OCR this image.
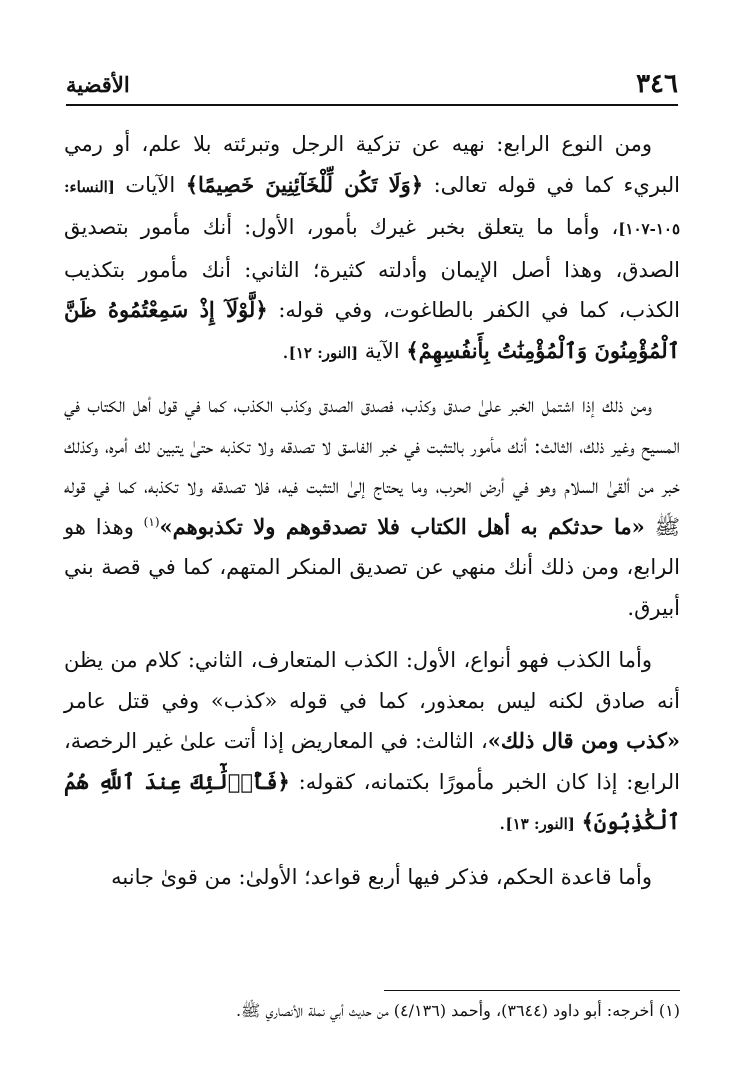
٣٤٦
الأقضية

ومن النوع الرابع: نهيه عن تزكية الرجل وتبرئته بلا علم، أو رمي البريء كما في قوله تعالى: ﴿وَلَا تَكُن لِّلْخَآئِنِينَ خَصِيمًا﴾ الآيات [النساء: ١٠٥-١٠٧]، وأما ما يتعلق بخبر غيرك بأمور، الأول: أنك مأمور بتصديق الصدق، وهذا أصل الإيمان وأدلته كثيرة؛ الثاني: أنك مأمور بتكذيب الكذب، كما في الكفر بالطاغوت، وفي قوله: ﴿لَّوْلَآ إِذْ سَمِعْتُمُوهُ ظَنَّ ٱلْمُؤْمِنُونَ وَٱلْمُؤْمِنَٰتُ بِأَنفُسِهِمْ﴾ الآية [النور: ١٢].

ومن ذلك إذا اشتمل الخبر علىٰ صدق وكذب، فصدق الصدق وكذب الكذب، كما في قول أهل الكتاب في المسيح وغير ذلك، الثالث: أنك مأمور بالتثبت في خبر الفاسق لا تصدقه ولا تكذبه حتىٰ يتبين لك أمره، وكذلك خبر من ألقىٰ السلام وهو في أرض الحرب، وما يحتاج إلىٰ التثبت فيه، فلا تصدقه ولا تكذبه، كما في قوله ﷺ «ما حدثكم به أهل الكتاب فلا تصدقوهم ولا تكذبوهم»$^{(١)}$ وهذا هو الرابع، ومن ذلك أنك منهي عن تصديق المنكر المتهم، كما في قصة بني أبيرق.

وأما الكذب فهو أنواع، الأول: الكذب المتعارف، الثاني: كلام من يظن أنه صادق لكنه ليس بمعذور، كما في قوله «كذب» وفي قتل عامر «كذب ومن قال ذلك»، الثالث: في المعاريض إذا أتت علىٰ غير الرخصة، الرابع: إذا كان الخبر مأمورًا بكتمانه، كقوله: ﴿فَأُو۟لَٰٓئِكَ عِندَ ٱللَّهِ هُمُ ٱلْكَٰذِبُونَ﴾ [النور: ١٣].

وأما قاعدة الحكم، فذكر فيها أربع قواعد؛ الأولىٰ: من قوىٰ جانبه

(١) أخرجه: أبو داود (٣٦٤٤)، وأحمد (٤/١٣٦) من حديث أبي نملة الأنصاري ﷺ.
